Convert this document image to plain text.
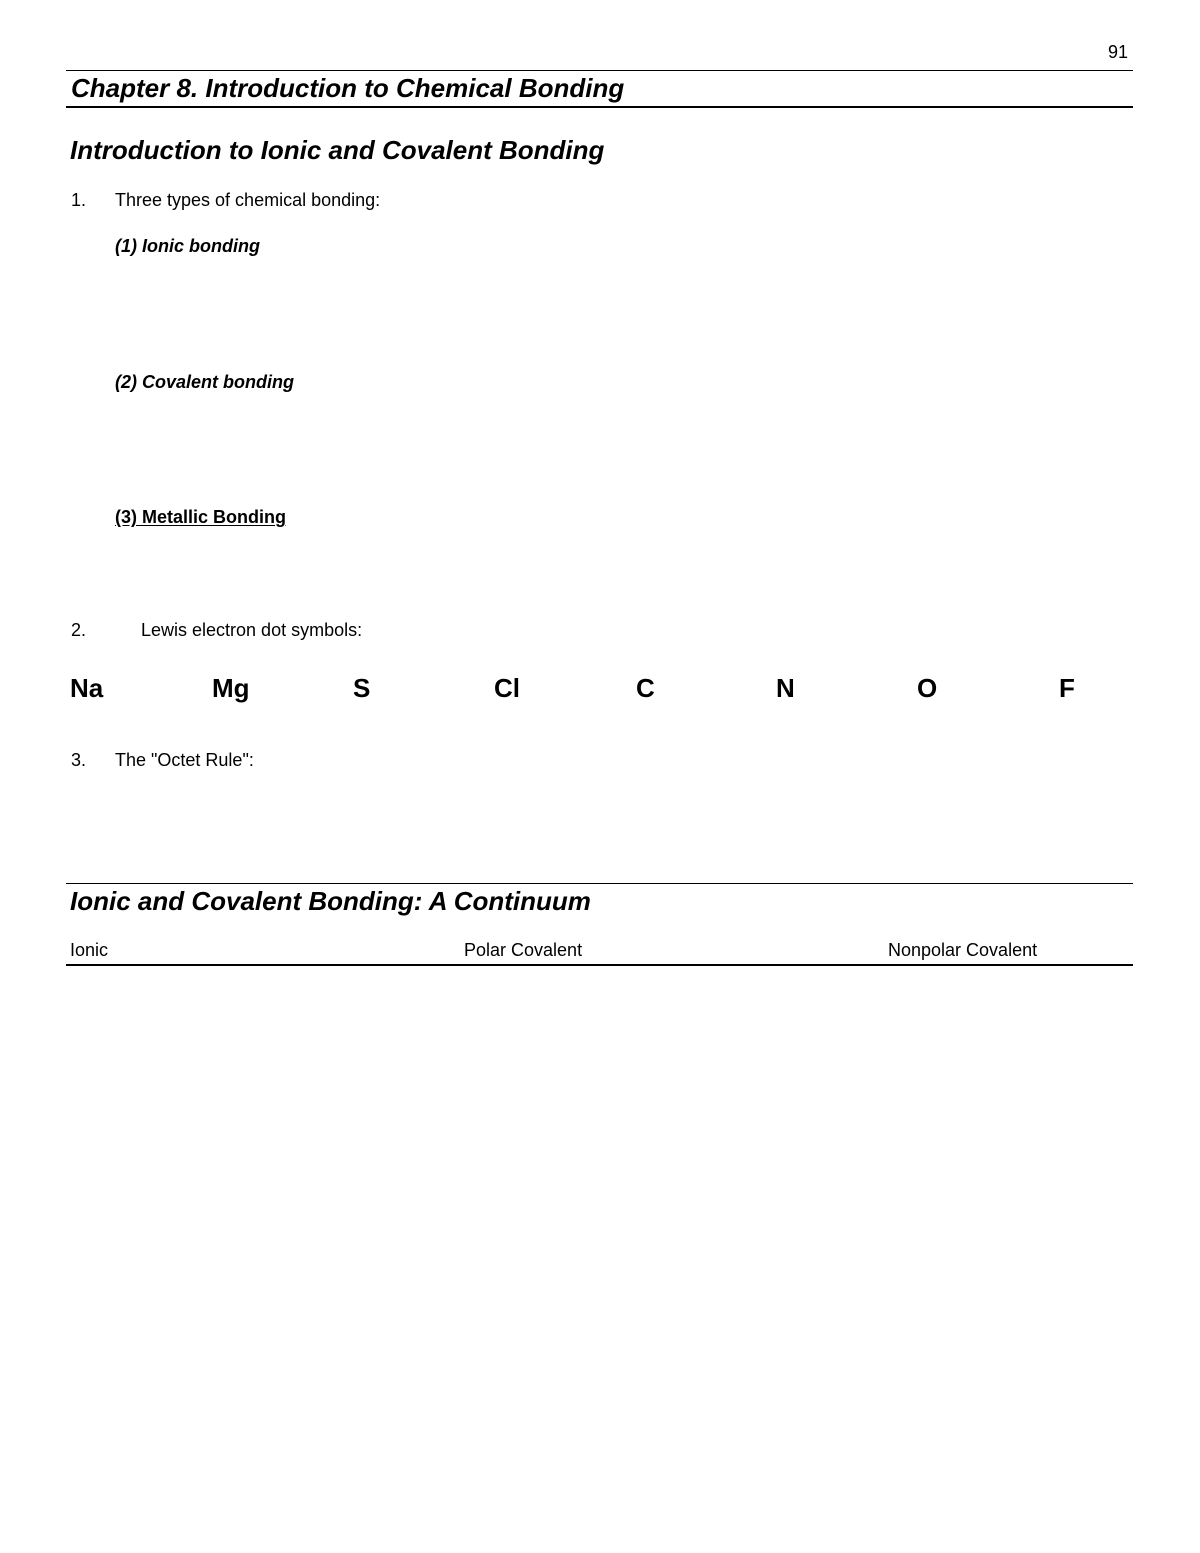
91
Chapter 8. Introduction to Chemical Bonding
Introduction to Ionic and Covalent Bonding
1. Three types of chemical bonding:
(1) Ionic bonding
(2) Covalent bonding
(3) Metallic Bonding
2.	Lewis electron dot symbols:
Na	Mg	S	Cl	C	N	O	F
3. The "Octet Rule":
Ionic and Covalent Bonding: A Continuum
Ionic	Polar Covalent	Nonpolar Covalent
